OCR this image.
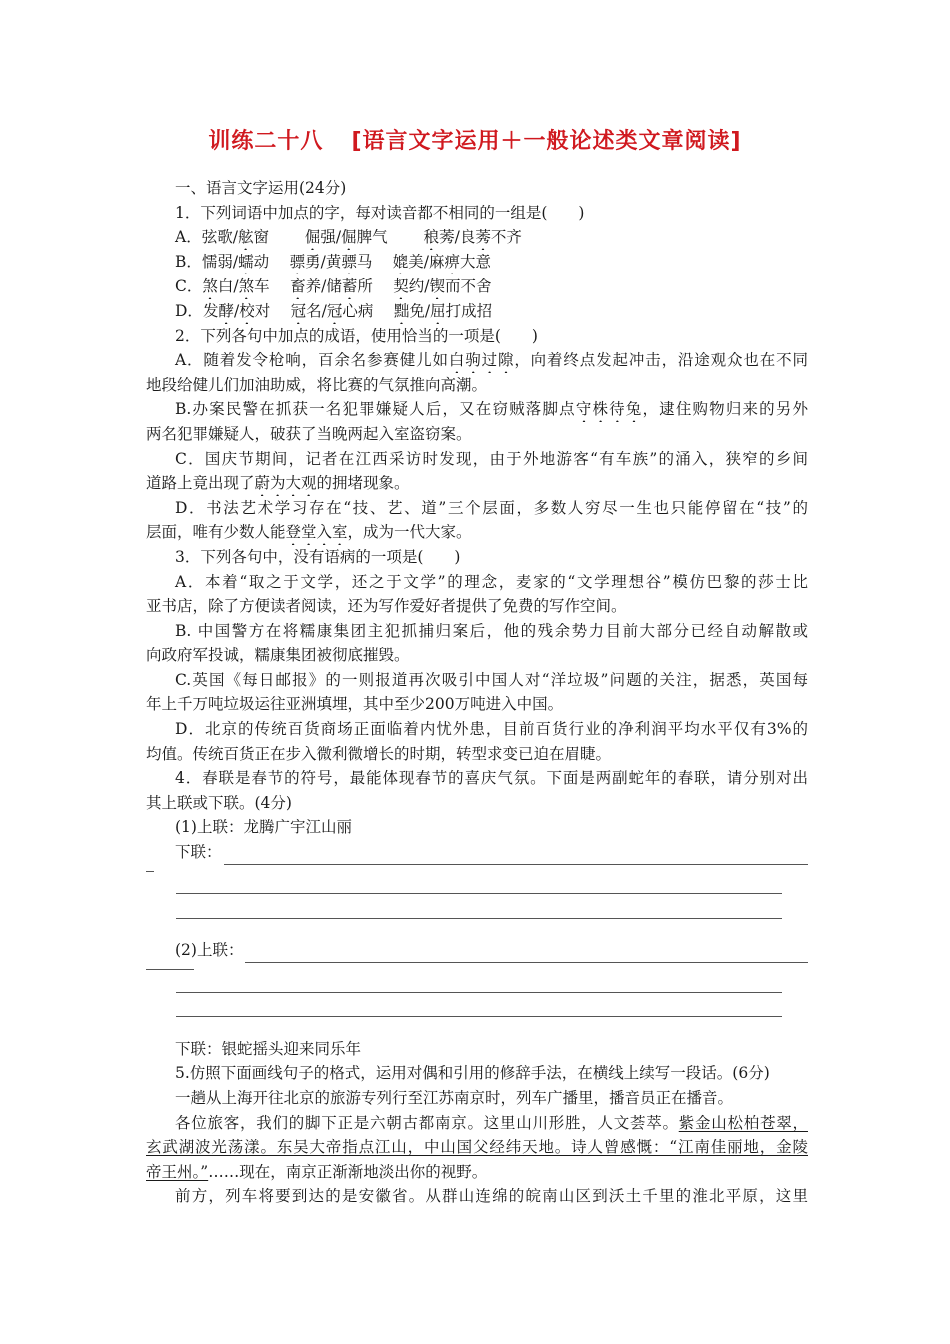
训练二十八 [语言文字运用＋一般论述类文章阅读]
一、语言文字运用(24分)
1．下列词语中加点的字，每对读音都不相同的一组是(　　)
A．弦歌/舷窗　　 倔强/倔脾气　　 稂莠/良莠不齐
B．懦弱/蠕动　 骠勇/黄骠马　 媲美/麻痹大意
C．煞白/煞车　 畜养/储蓄所　 契约/锲而不舍
D．发酵/校对　 冠名/冠心病　 黜免/屈打成招
2．下列各句中加点的成语，使用恰当的一项是(　　)
A．随着发令枪响，百余名参赛健儿如白驹过隙，向着终点发起冲击，沿途观众也在不同
地段给健儿们加油助威，将比赛的气氛推向高潮。
B.办案民警在抓获一名犯罪嫌疑人后，又在窃贼落脚点守株待兔，逮住购物归来的另外
两名犯罪嫌疑人，破获了当晚两起入室盗窃案。
C．国庆节期间，记者在江西采访时发现，由于外地游客“有车族”的涌入，狭窄的乡间
道路上竟出现了蔚为大观的拥堵现象。
D．书法艺术学习存在“技、艺、道”三个层面，多数人穷尽一生也只能停留在“技”的
层面，唯有少数人能登堂入室，成为一代大家。
3．下列各句中，没有语病的一项是(　　)
A．本着“取之于文学，还之于文学”的理念，麦家的“文学理想谷”模仿巴黎的莎士比
亚书店，除了方便读者阅读，还为写作爱好者提供了免费的写作空间。
B. 中国警方在将糯康集团主犯抓捕归案后，他的残余势力目前大部分已经自动解散或
向政府军投诚，糯康集团被彻底摧毁。
C.英国《每日邮报》的一则报道再次吸引中国人对“洋垃圾”问题的关注，据悉，英国每
年上千万吨垃圾运往亚洲填埋，其中至少200万吨进入中国。
D．北京的传统百货商场正面临着内忧外患，目前百货行业的净利润平均水平仅有3%的
均值。传统百货正在步入微利微增长的时期，转型求变已迫在眉睫。
4．春联是春节的符号，最能体现春节的喜庆气氛。下面是两副蛇年的春联，请分别对出
其上联或下联。(4分)
(1)上联：龙腾广宇江山丽
下联：
(2)上联：
下联：银蛇摇头迎来同乐年
5.仿照下面画线句子的格式，运用对偶和引用的修辞手法，在横线上续写一段话。(6分)
一趟从上海开往北京的旅游专列行至江苏南京时，列车广播里，播音员正在播音。
各位旅客，我们的脚下正是六朝古都南京。这里山川形胜，人文荟萃。紫金山松柏苍翠，
玄武湖波光荡漾。东吴大帝指点江山，中山国父经纬天地。诗人曾感慨：“江南佳丽地，金陵
帝王州。”……现在，南京正渐渐地淡出你的视野。
前方，列车将要到达的是安徽省。从群山连绵的皖南山区到沃土千里的淮北平原，这里
